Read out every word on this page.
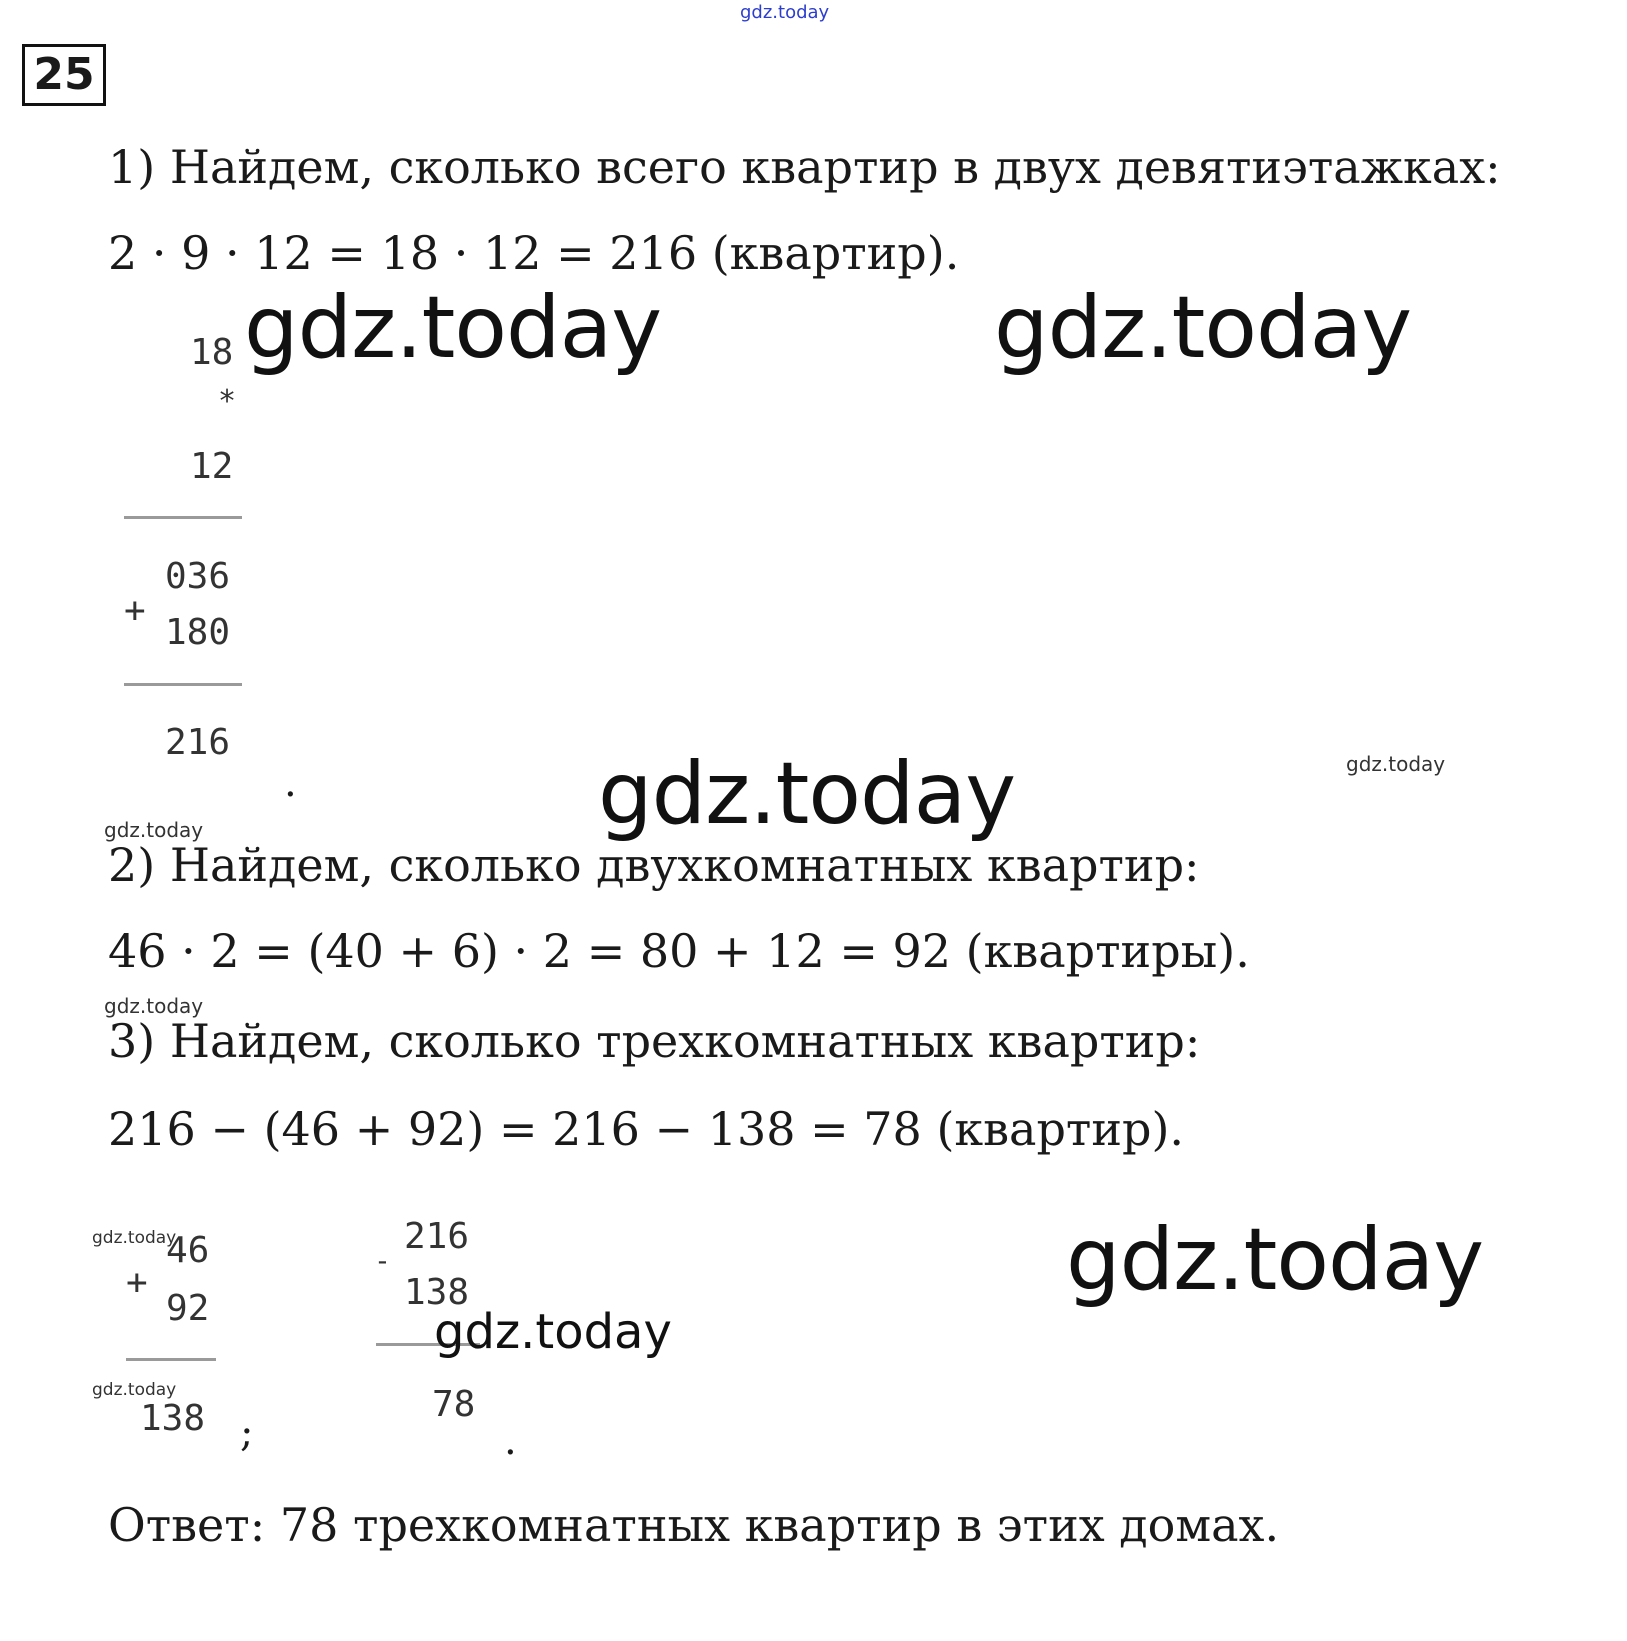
gdz.today
25
1) Найдем, сколько всего квартир в двух девятиэтажках:
2 · 9 · 12 = 18 · 12 = 216 (квартир).
18
*
12
036
+
180
216
.
2) Найдем, сколько двухкомнатных квартир:
46 · 2 = (40 + 6) · 2 = 80 + 12 = 92 (квартиры).
3) Найдем, сколько трехкомнатных квартир:
216 − (46 + 92) = 216 − 138 = 78 (квартир).
46
+
92
138 ;
216
-
138
78
.
Ответ: 78 трехкомнатных квартир в этих домах.
gdz.today	gdz.today
gdz.today
gdz.today
gdz.today
gdz.today
gdz.today
gdz.today
gdz.today
gdz.today
